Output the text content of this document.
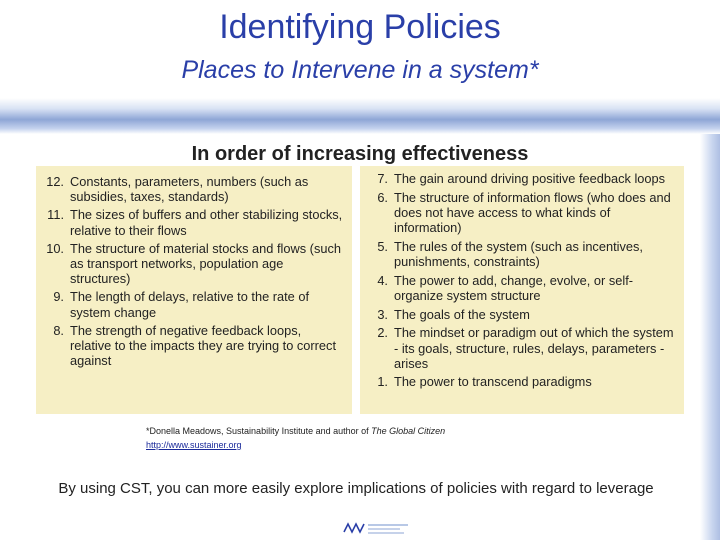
Identifying Policies
Places to Intervene in a system*
In order of increasing effectiveness
12. Constants, parameters, numbers (such as subsidies, taxes, standards)
11. The sizes of buffers and other stabilizing stocks, relative to their flows
10. The structure of material stocks and flows (such as transport networks, population age structures)
9. The length of delays, relative to the rate of system change
8. The strength of negative feedback loops, relative to the impacts they are trying to correct against
7. The gain around driving positive feedback loops
6. The structure of information flows (who does and does not have access to what kinds of information)
5. The rules of the system (such as incentives, punishments, constraints)
4. The power to add, change, evolve, or self-organize system structure
3. The goals of the system
2. The mindset or paradigm out of which the system - its goals, structure, rules, delays, parameters - arises
1. The power to transcend paradigms
*Donella Meadows, Sustainability Institute and author of The Global Citizen
http://www.sustainer.org
By using CST, you can more easily explore implications of policies with regard to leverage
